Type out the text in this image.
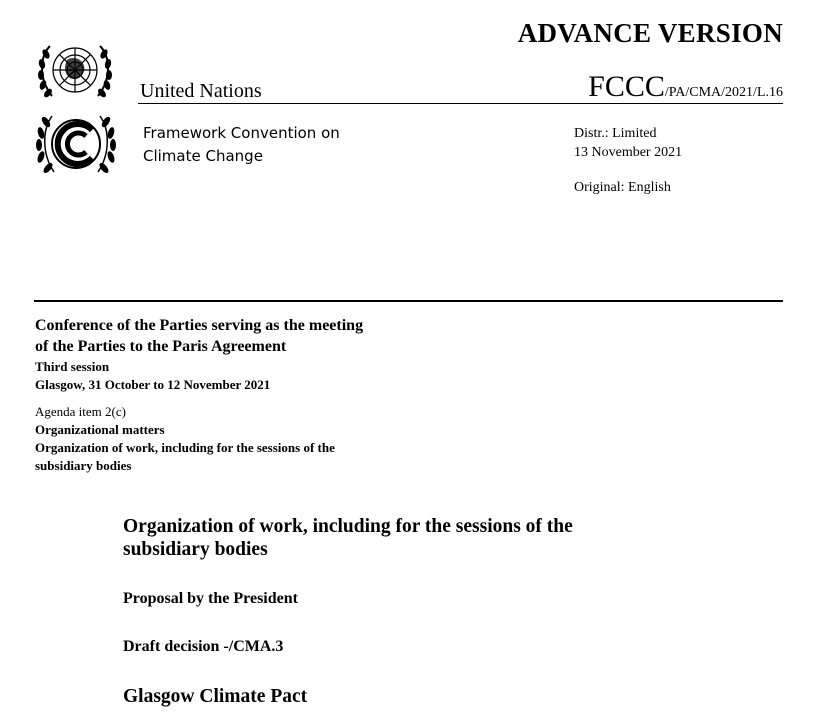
ADVANCE VERSION
United Nations	FCCC/PA/CMA/2021/L.16
Framework Convention on
Climate Change
Distr.: Limited
13 November 2021
Original: English
Conference of the Parties serving as the meeting
of the Parties to the Paris Agreement
Third session
Glasgow, 31 October to 12 November 2021
Agenda item 2(c)
Organizational matters
Organization of work, including for the sessions of the
subsidiary bodies
Organization of work, including for the sessions of the
subsidiary bodies
Proposal by the President
Draft decision -/CMA.3
Glasgow Climate Pact
